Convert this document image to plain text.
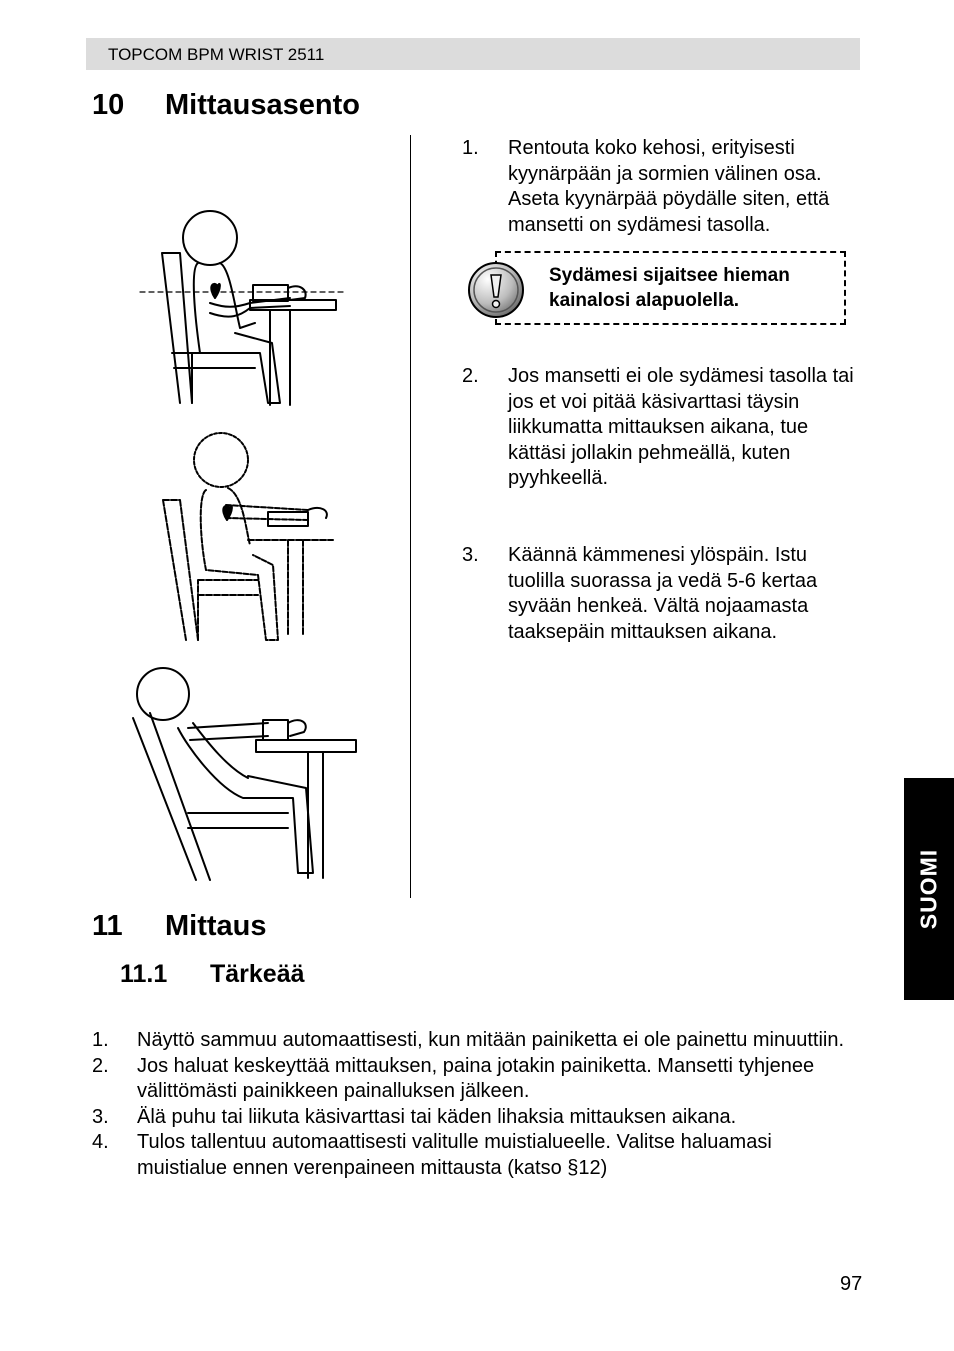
TOPCOM BPM WRIST 2511
10 Mittausasento
1. Rentouta koko kehosi, erityisesti kyynärpään ja sormien välinen osa. Aseta kyynärpää pöydälle siten, että mansetti on sydämesi tasolla.
Sydämesi sijaitsee hieman kainalosi alapuolella.
2. Jos mansetti ei ole sydämesi tasolla tai jos et voi pitää käsivarttasi täysin liikkumatta mittauksen aikana, tue kättäsi jollakin pehmeällä, kuten pyyhkeellä.
3. Käännä kämmenesi ylöspäin. Istu tuolilla suorassa ja vedä 5-6 kertaa syvään henkeä. Vältä nojaamasta taaksepäin mittauksen aikana.
11 Mittaus
11.1 Tärkeää
1. Näyttö sammuu automaattisesti, kun mitään painiketta ei ole painettu minuuttiin.
2. Jos haluat keskeyttää mittauksen, paina jotakin painiketta. Mansetti tyhjenee välittömästi painikkeen painalluksen jälkeen.
3. Älä puhu tai liikuta käsivarttasi tai käden lihaksia mittauksen aikana.
4. Tulos tallentuu automaattisesti valitulle muistialueelle. Valitse haluamasi muistialue ennen verenpaineen mittausta (katso §12)
SUOMI
97
